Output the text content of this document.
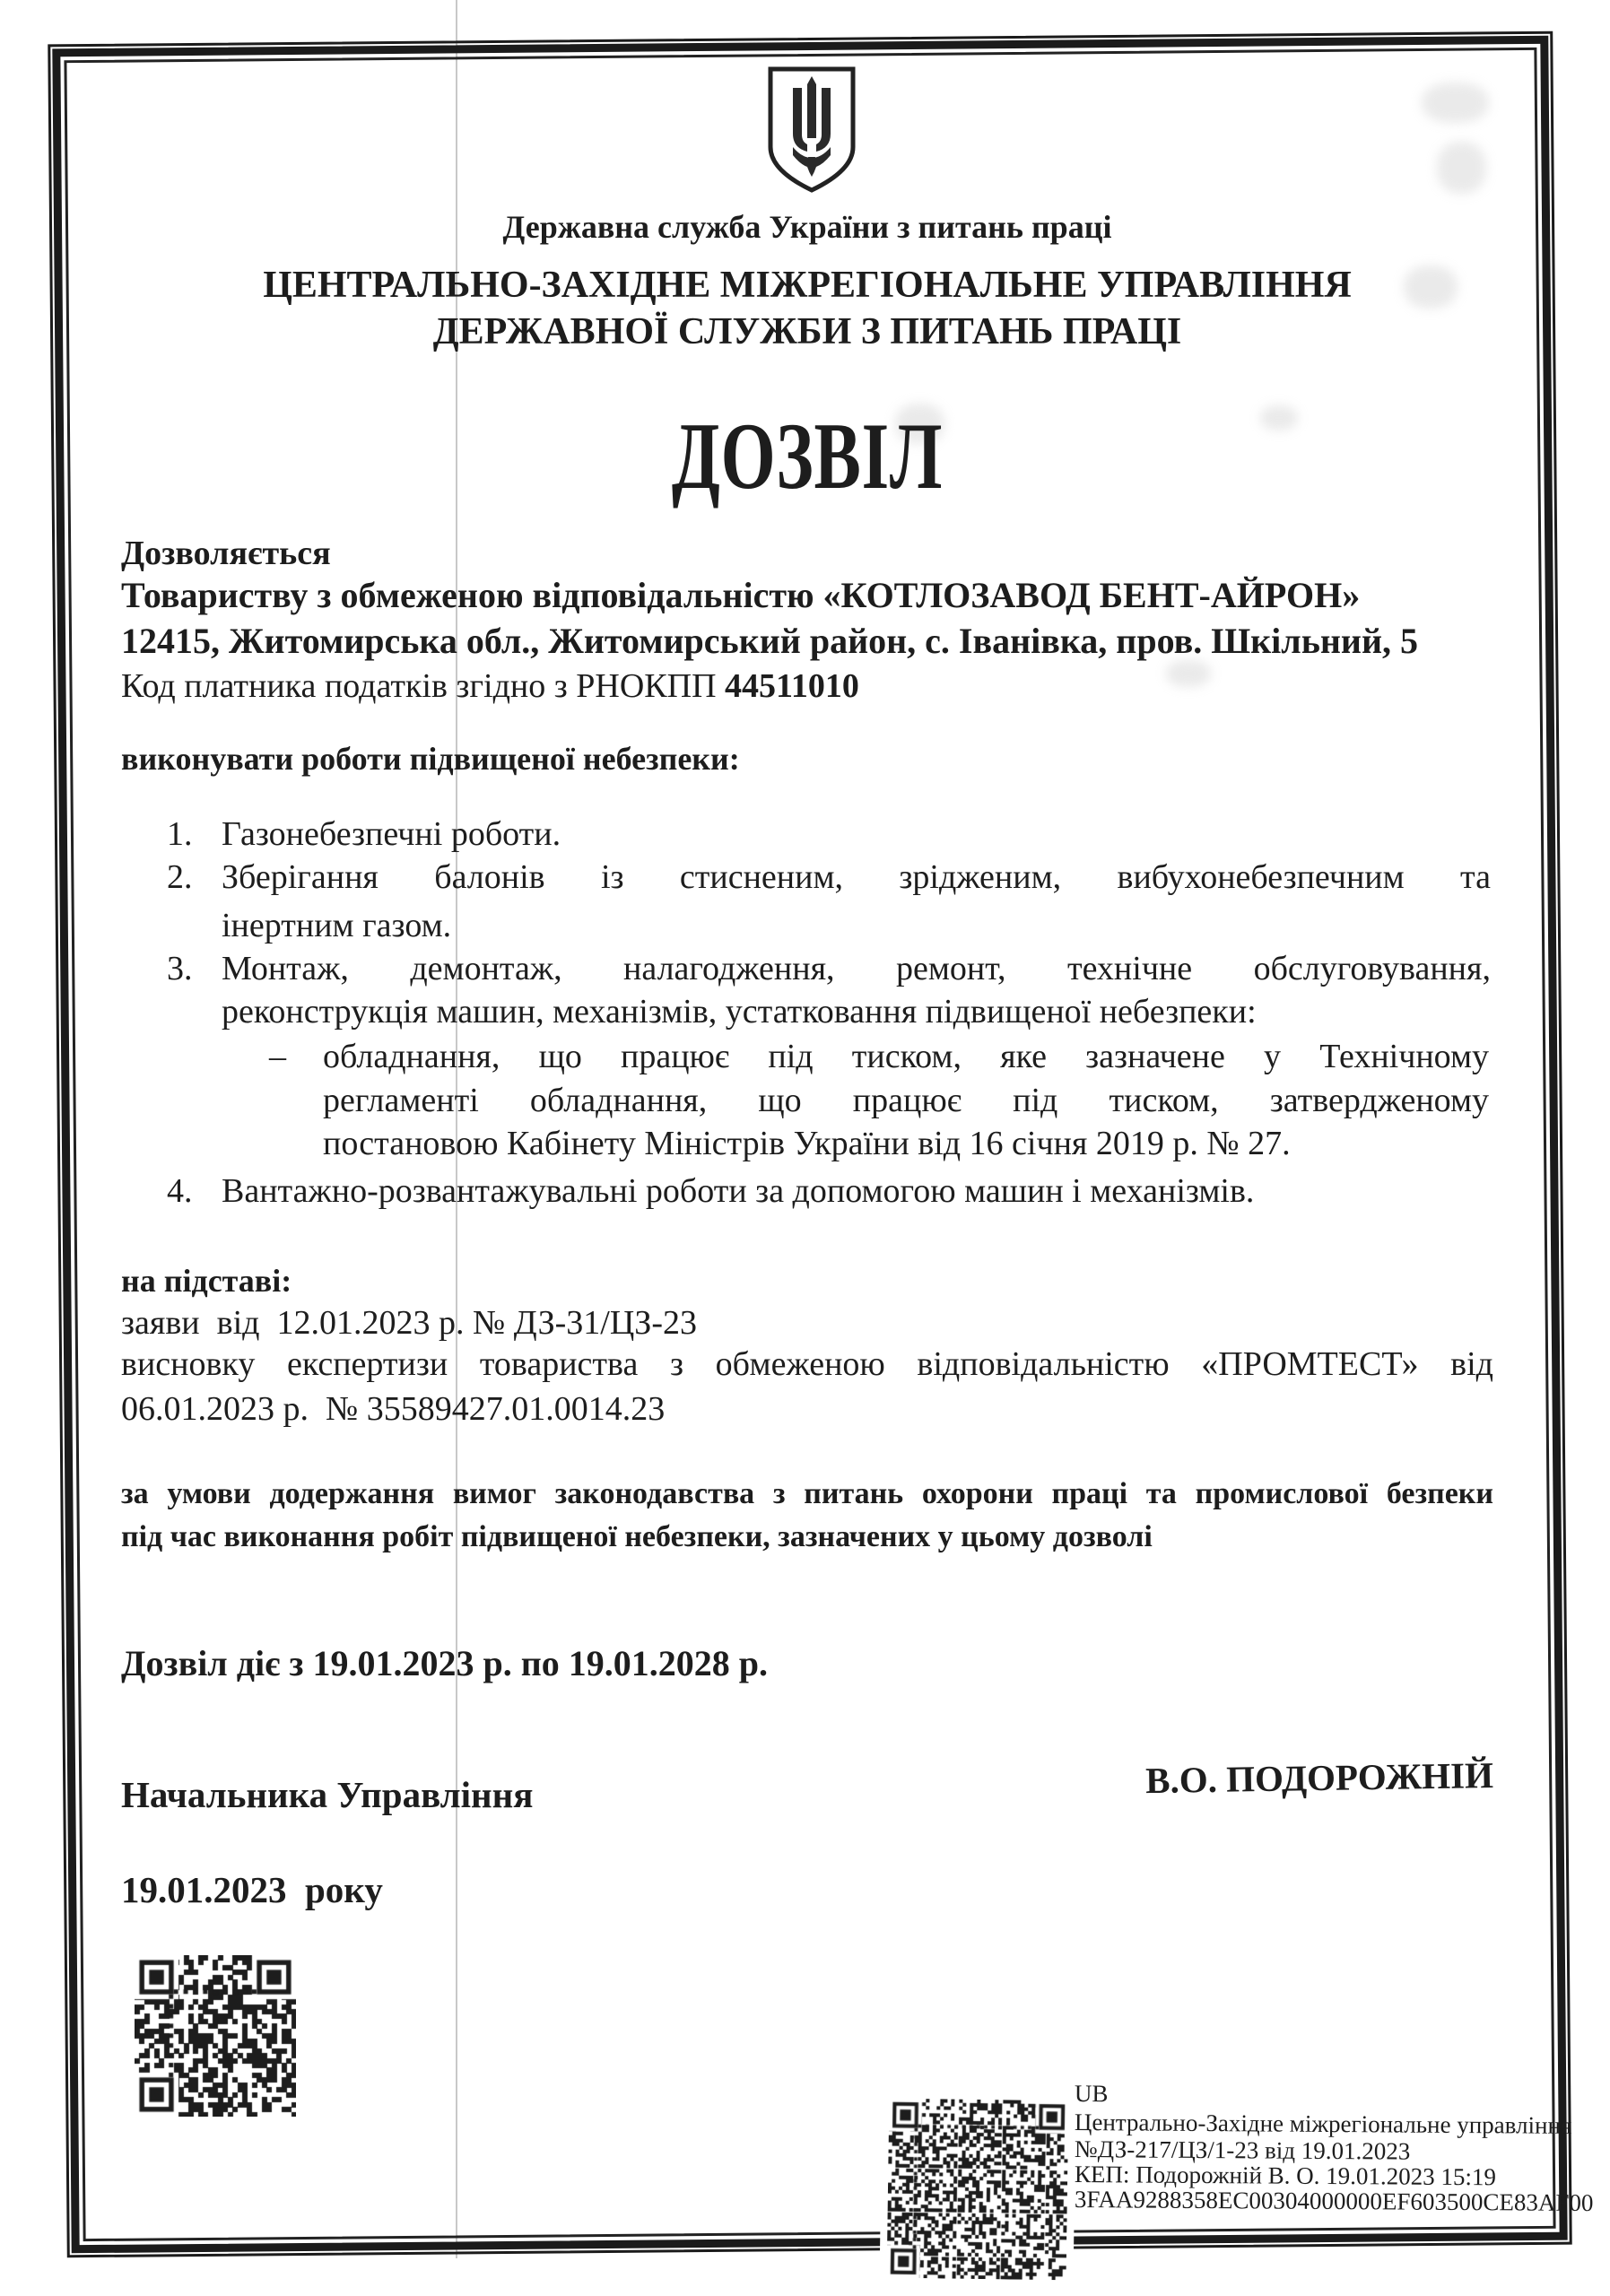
Державна служба України з питань праці
ЦЕНТРАЛЬНО-ЗАХІДНЕ МІЖРЕГІОНАЛЬНЕ УПРАВЛІННЯ
ДЕРЖАВНОЇ СЛУЖБИ З ПИТАНЬ ПРАЦІ
ДОЗВІЛ
Дозволяється
Товариству з обмеженою відповідальністю «КОТЛОЗАВОД БЕНТ-АЙРОН»
12415, Житомирська обл., Житомирський район, с. Іванівка, пров. Шкільний, 5
Код платника податків згідно з РНОКПП 44511010
виконувати роботи підвищеної небезпеки:
1. Газонебезпечні роботи.
2. Зберігання балонів із стисненим, зрідженим, вибухонебезпечним та
інертним газом.
3. Монтаж, демонтаж, налагодження, ремонт, технічне обслуговування,
реконструкція машин, механізмів, устатковання підвищеної небезпеки:
–	обладнання, що працює під тиском, яке зазначене у Технічному
регламенті обладнання, що працює під тиском, затвердженому
постановою Кабінету Міністрів України від 16 січня 2019 р. № 27.
4. Вантажно-розвантажувальні роботи за допомогою машин і механізмів.
на підставі:
заяви  від  12.01.2023 р. № ДЗ-31/ЦЗ-23
висновку експертизи товариства з обмеженою відповідальністю «ПРОМТЕСТ» від
06.01.2023 р.  № 35589427.01.0014.23
за умови додержання вимог законодавства з питань охорони праці та промислової безпеки
під час виконання робіт підвищеної небезпеки, зазначених у цьому дозволі
Дозвіл діє з 19.01.2023 р. по 19.01.2028 р.
Начальника Управління	В.О. ПОДОРОЖНІЙ
19.01.2023  року
UB
Центрально-Західне міжрегіональне управління
№ДЗ-217/ЦЗ/1-23 від 19.01.2023
КЕП: Подорожній В. О. 19.01.2023 15:19
3FAA9288358EC00304000000EF603500CE83AF00
